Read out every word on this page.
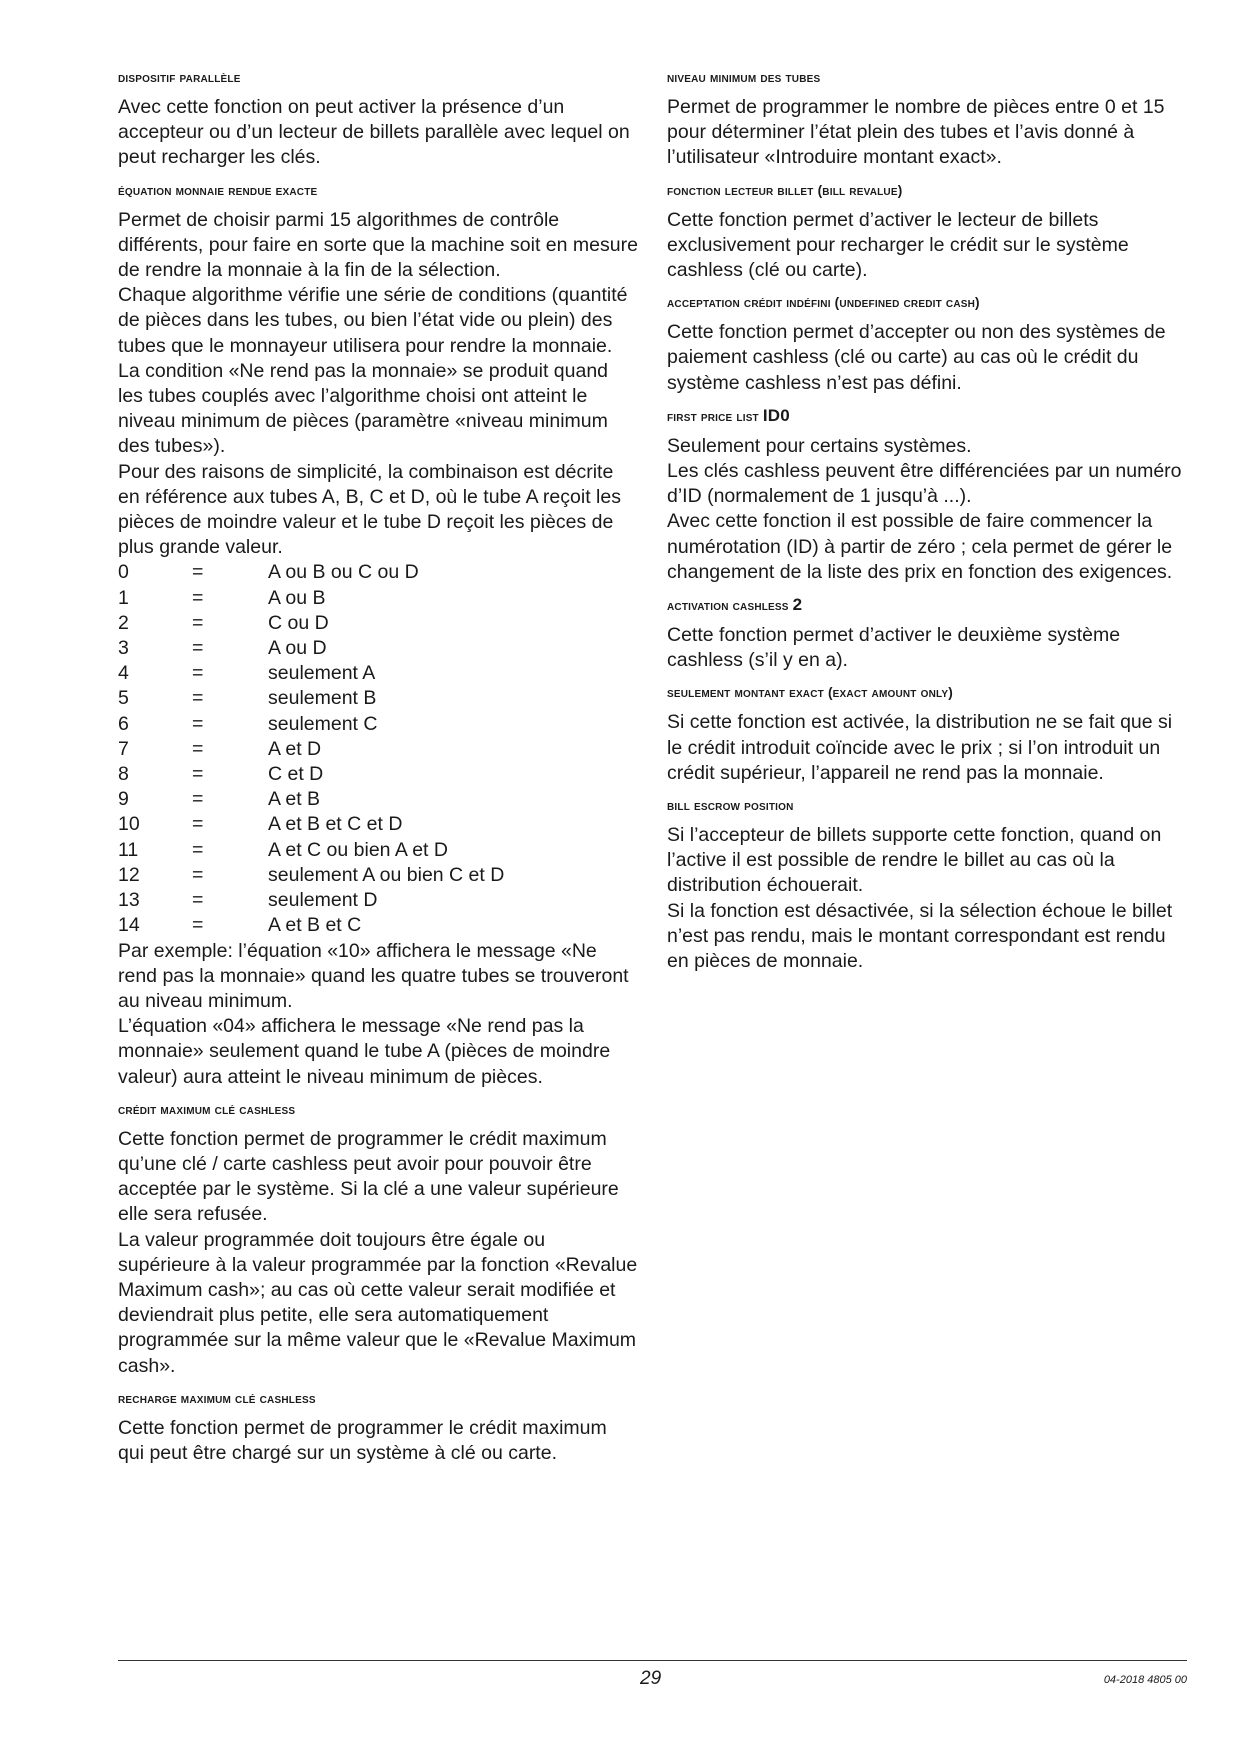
dispositif parallèle

Avec cette fonction on peut activer la présence d’un accepteur ou d’un lecteur de billets parallèle avec lequel on peut recharger les clés.

équation monnaie rendue exacte

Permet de choisir parmi 15 algorithmes de contrôle différents, pour faire en sorte que la machine soit en mesure de rendre la monnaie à la fin de la sélection.

Chaque algorithme vérifie une série de conditions (quantité de pièces dans les tubes, ou bien l’état vide ou plein) des tubes que le monnayeur utilisera pour rendre la monnaie.

La condition «Ne rend pas la monnaie» se produit quand les tubes couplés avec l’algorithme choisi ont atteint le niveau minimum de pièces (paramètre «niveau minimum des tubes»).

Pour des raisons de simplicité, la combinaison est décrite en référence aux tubes A, B, C et D, où le tube A reçoit les pièces de moindre valeur et le tube D reçoit les pièces de plus grande valeur.

0	=	A ou B ou C ou D
1	=	A ou B
2	=	C ou D
3	=	A ou D
4	=	seulement A
5	=	seulement B
6	=	seulement C
7	=	A et D
8	=	C et D
9	=	A et B
10	=	A et B et C et D
11	=	A et C ou bien A et D
12	=	seulement A ou bien C et D
13	=	seulement D
14	=	A et B et C

Par exemple: l’équation «10» affichera le message «Ne rend pas la monnaie» quand les quatre tubes se trouveront au niveau minimum.

L’équation «04» affichera le message «Ne rend pas la monnaie» seulement quand le tube A (pièces de moindre valeur) aura atteint le niveau minimum de pièces.

crédit maximum clé cashless

Cette fonction permet de programmer le crédit maximum qu’une clé / carte cashless peut avoir pour pouvoir être acceptée par le système. Si la clé a une valeur supérieure elle sera refusée.

La valeur programmée doit toujours être égale ou supérieure à la valeur programmée par la fonction «Revalue Maximum cash»; au cas où cette valeur serait modifiée et deviendrait plus petite, elle sera automatiquement programmée sur la même valeur que le «Revalue Maximum cash».

recharge maximum clé cashless

Cette fonction permet de programmer le crédit maximum qui peut être chargé sur un système à clé ou carte.

niveau minimum des tubes

Permet de programmer le nombre de pièces entre 0 et 15 pour déterminer l’état plein des tubes et l’avis donné à l’utilisateur «Introduire montant exact».

fonction lecteur billet (bill revalue)

Cette fonction permet d’activer le lecteur de billets exclusivement pour recharger le crédit sur le système cashless (clé ou carte).

acceptation crédit indéfini (undefined credit cash)

Cette fonction permet d’accepter ou non des systèmes de paiement cashless (clé ou carte) au cas où le crédit du système cashless n’est pas défini.

first price list ID0

Seulement pour certains systèmes.

Les clés cashless peuvent être différenciées par un numéro d’ID (normalement de 1 jusqu’à ...).

Avec cette fonction il est possible de faire commencer la numérotation (ID) à partir de zéro ; cela permet de gérer le changement de la liste des prix en fonction des exigences.

activation cashless 2

Cette fonction permet d’activer le deuxième système cashless (s’il y en a).

seulement montant exact (exact amount only)

Si cette fonction est activée, la distribution ne se fait que si le crédit introduit coïncide avec le prix ; si l’on introduit un crédit supérieur, l’appareil ne rend pas la monnaie.

bill escrow position

Si l’accepteur de billets supporte cette fonction, quand on l’active il est possible de rendre le billet au cas où la distribution échouerait.

Si la fonction est désactivée, si la sélection échoue le billet n’est pas rendu, mais le montant correspondant est rendu en pièces de monnaie.

29	04-2018 4805 00
